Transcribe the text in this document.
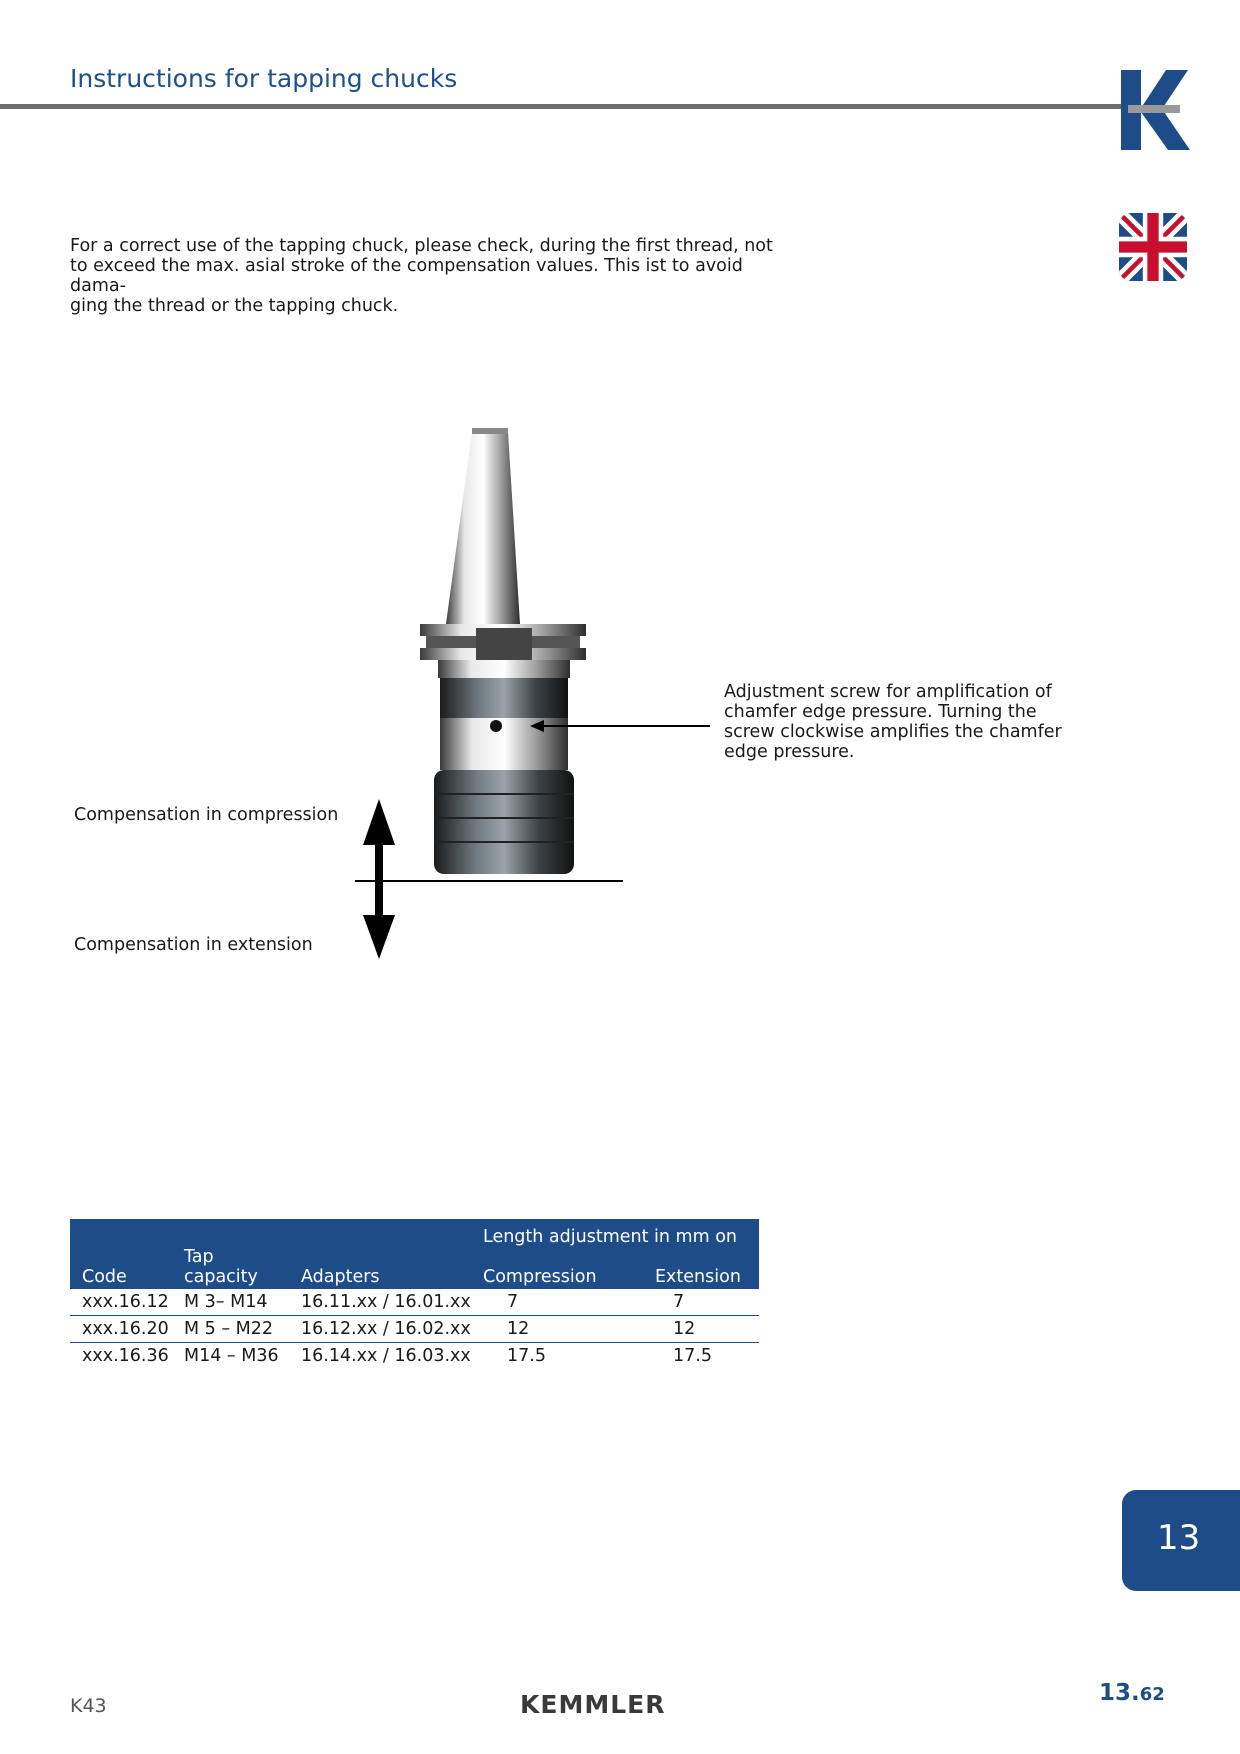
Instructions for tapping chucks

For a correct use of the tapping chuck, please check, during the first thread, not

to exceed the max. asial stroke of the compensation values. This ist to avoid dama-

ging the thread or the tapping chuck.

Adjustment screw for amplification of
chamfer edge pressure. Turning the
screw clockwise amplifies the chamfer
edge pressure.
Compensation in compression
Compensation in extension
			Length adjustment in mm on	
Code	Tap capacity	Adapters	Compression	Extension
xxx.16.12	M 3– M14	16.11.xx / 16.01.xx	7	7
xxx.16.20	M 5 – M22	16.12.xx / 16.02.xx	12	12
xxx.16.36	M14 – M36	16.14.xx / 16.03.xx	17.5	17.5
13
K43	KEMMLER	13.62
